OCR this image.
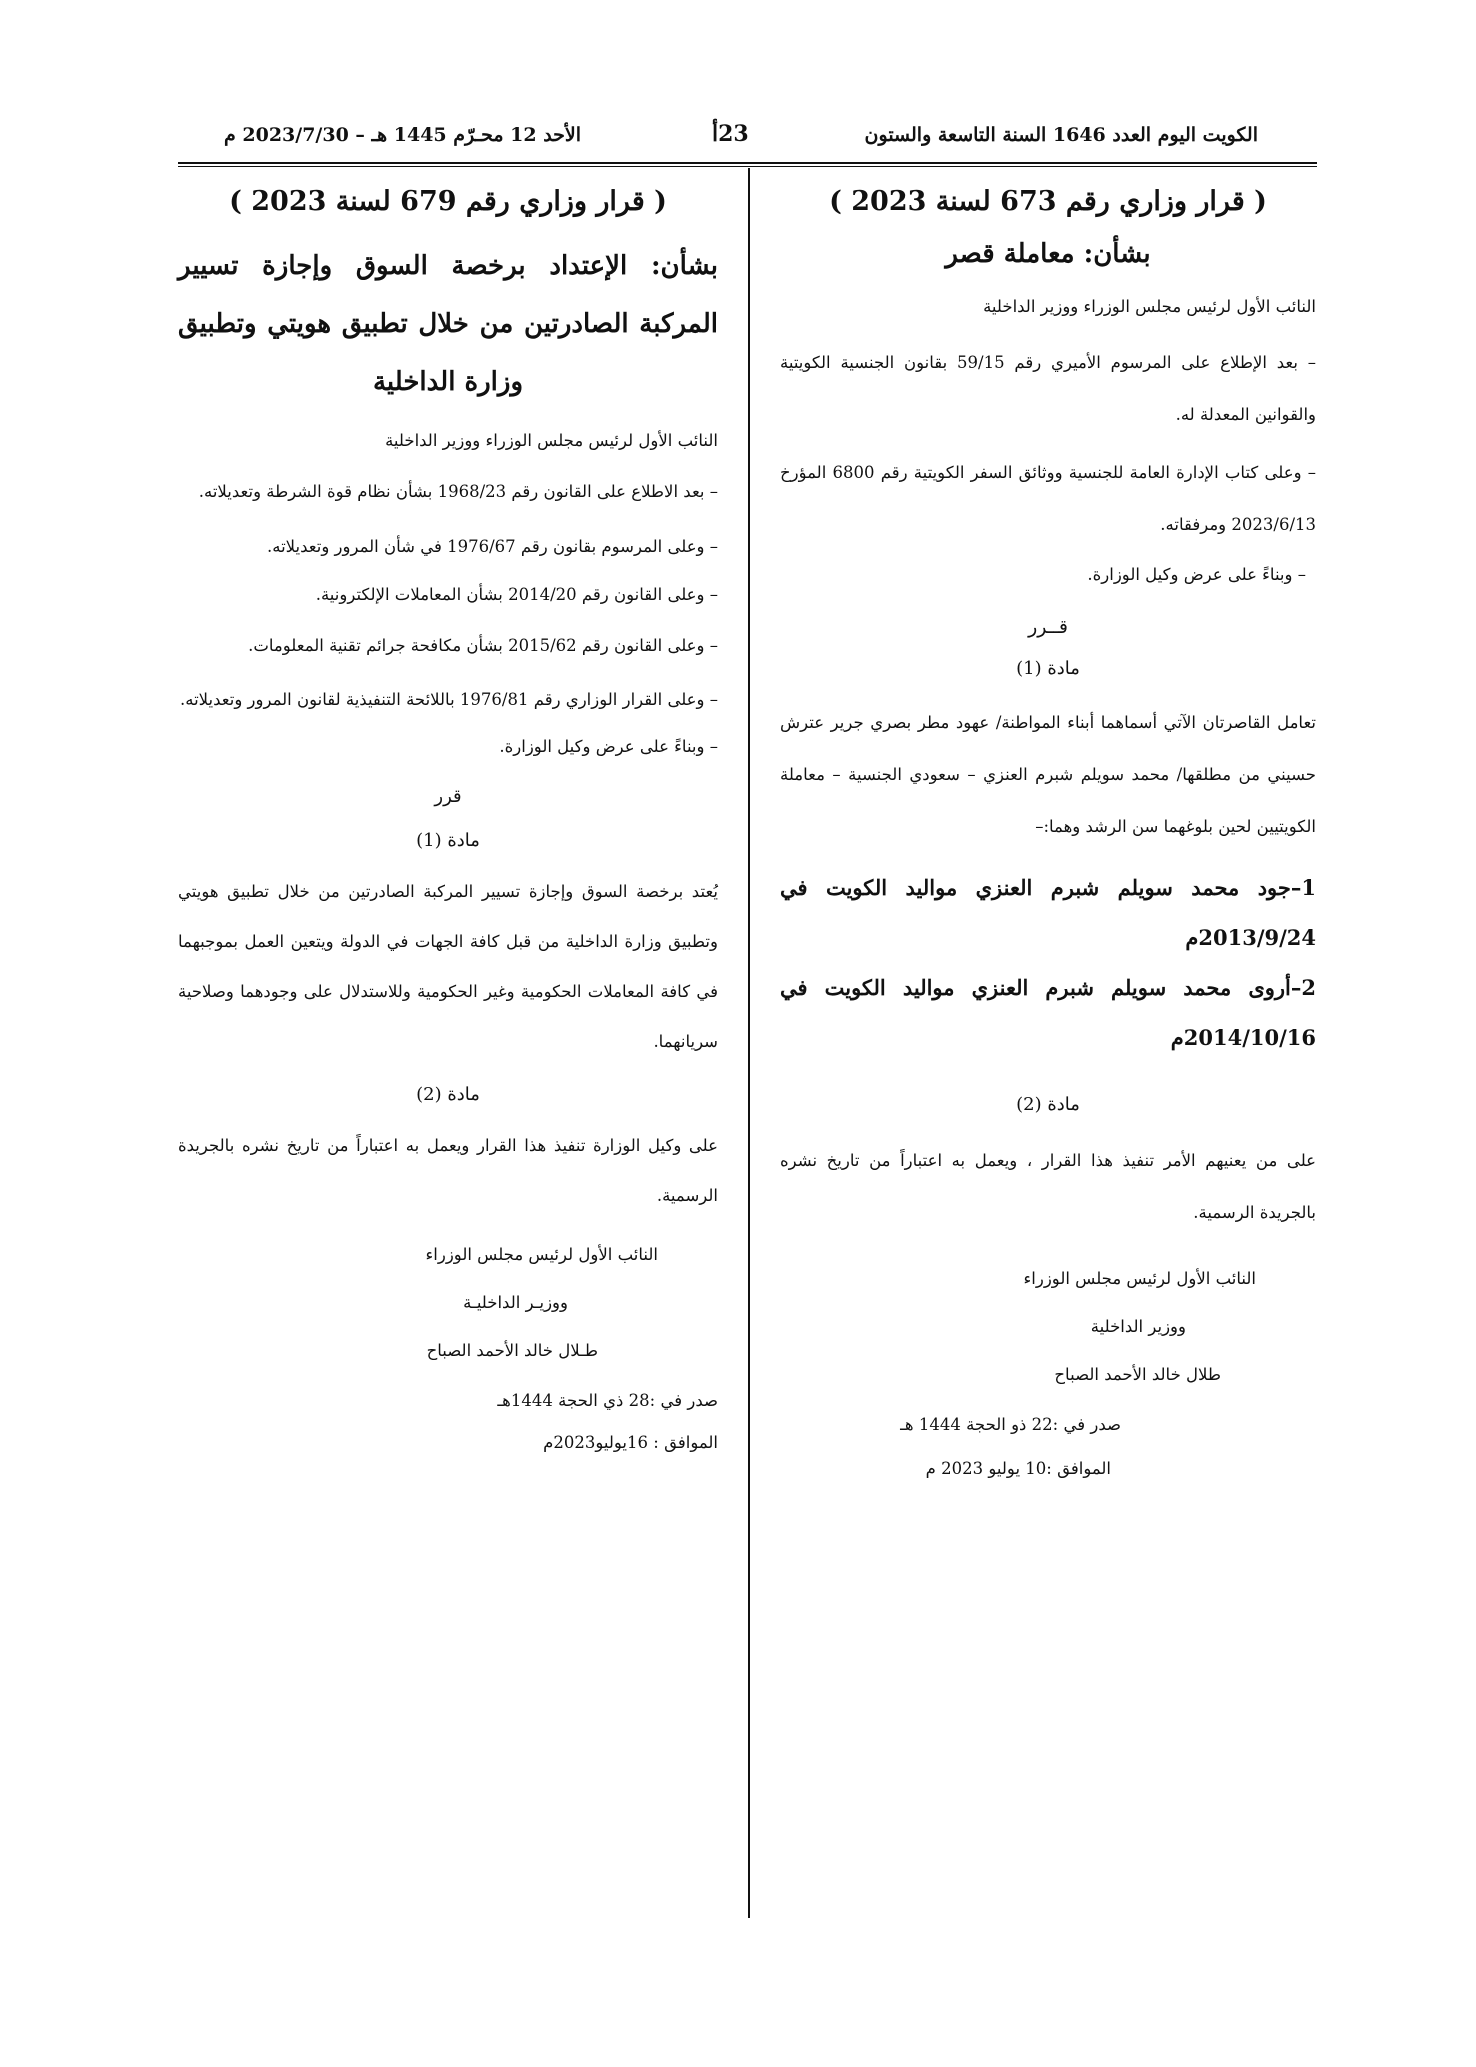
الكويت اليوم العدد 1646 السنة التاسعة والستون
23أ
الأحد 12 محـرّم 1445 هـ – 2023/7/30 م

( قرار وزاري رقم 673 لسنة 2023 )

بشأن: معاملة قصر

النائب الأول لرئيس مجلس الوزراء ووزير الداخلية

– بعد الإطلاع على المرسوم الأميري رقم 59/15 بقانون الجنسية الكويتية والقوانين المعدلة له.

– وعلى كتاب الإدارة العامة للجنسية ووثائق السفر الكويتية رقم 6800 المؤرخ 2023/6/13 ومرفقاته.

– وبناءً على عرض وكيل الوزارة.

قــرر

مادة (1)

تعامل القاصرتان الآتي أسماهما أبناء المواطنة/ عهود مطر بصري جرير عترش حسيني من مطلقها/ محمد سويلم شبرم العنزي – سعودي الجنسية – معاملة الكويتيين لحين بلوغهما سن الرشد وهما:–

1–جود محمد سويلم شبرم العنزي مواليد الكويت في 2013/9/24م

2–أروى محمد سويلم شبرم العنزي مواليد الكويت في 2014/10/16م

مادة (2)

على من يعنيهم الأمر تنفيذ هذا القرار ، ويعمل به اعتباراً من تاريخ نشره بالجريدة الرسمية.

النائب الأول لرئيس مجلس الوزراء

ووزير الداخلية

طلال خالد الأحمد الصباح

صدر في :22 ذو الحجة 1444 هـ

الموافق :10 يوليو 2023 م

( قرار وزاري رقم 679 لسنة 2023 )

بشأن: الإعتداد برخصة السوق وإجازة تسيير المركبة الصادرتين من خلال تطبيق هويتي وتطبيق وزارة الداخلية

النائب الأول لرئيس مجلس الوزراء ووزير الداخلية

– بعد الاطلاع على القانون رقم 1968/23 بشأن نظام قوة الشرطة وتعديلاته.

– وعلى المرسوم بقانون رقم 1976/67 في شأن المرور وتعديلاته.

– وعلى القانون رقم 2014/20 بشأن المعاملات الإلكترونية.

– وعلى القانون رقم 2015/62 بشأن مكافحة جرائم تقنية المعلومات.

– وعلى القرار الوزاري رقم 1976/81 باللائحة التنفيذية لقانون المرور وتعديلاته.

– وبناءً على عرض وكيل الوزارة.

قرر

مادة (1)

يُعتد برخصة السوق وإجازة تسيير المركبة الصادرتين من خلال تطبيق هويتي وتطبيق وزارة الداخلية من قبل كافة الجهات في الدولة ويتعين العمل بموجبهما في كافة المعاملات الحكومية وغير الحكومية وللاستدلال على وجودهما وصلاحية سريانهما.

مادة (2)

على وكيل الوزارة تنفيذ هذا القرار ويعمل به اعتباراً من تاريخ نشره بالجريدة الرسمية.

النائب الأول لرئيس مجلس الوزراء

ووزيـر الداخليـة

طـلال خالد الأحمد الصباح

صدر في :28 ذي الحجة 1444هـ

الموافق : 16يوليو2023م
